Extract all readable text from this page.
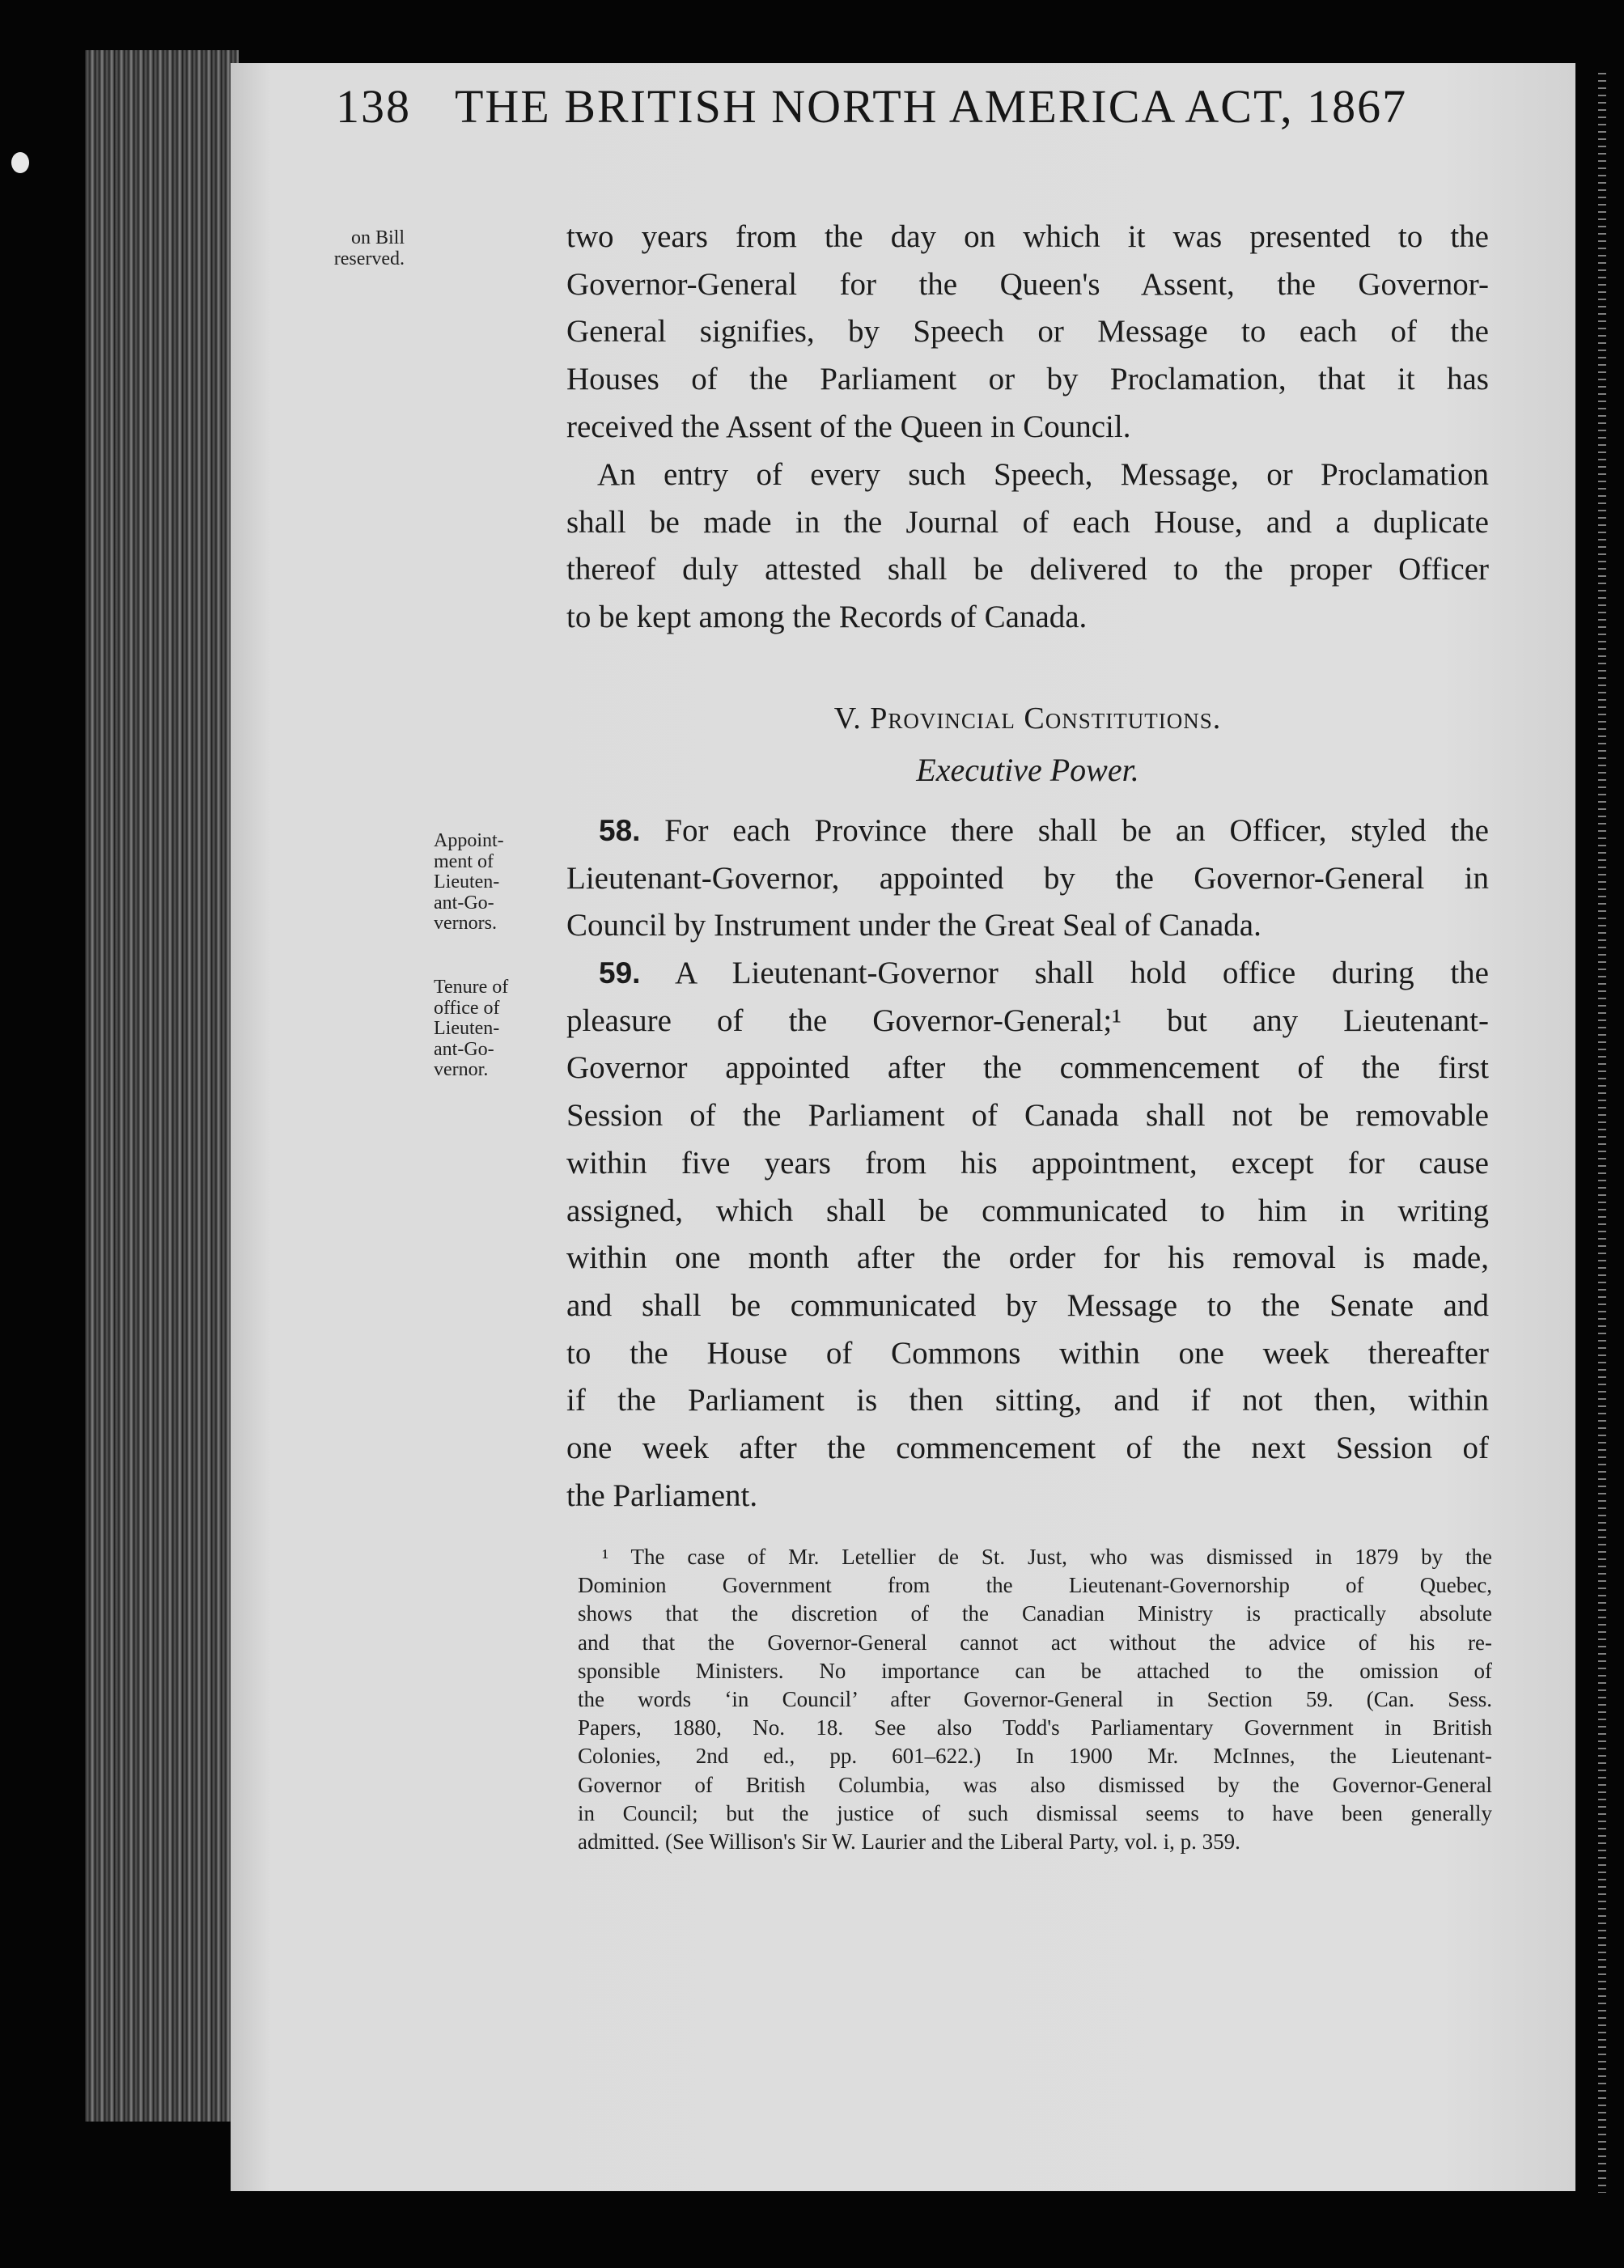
138 THE BRITISH NORTH AMERICA ACT, 1867
on Bill
reserved.
Appoint-
ment of
Lieuten-
ant-Go-
vernors.
Tenure of
office of
Lieuten-
ant-Go-
vernor.
two years from the day on which it was presented to the
Governor-General for the Queen's Assent, the Governor-
General signifies, by Speech or Message to each of the
Houses of the Parliament or by Proclamation, that it has
received the Assent of the Queen in Council.
An entry of every such Speech, Message, or Proclamation
shall be made in the Journal of each House, and a duplicate
thereof duly attested shall be delivered to the proper Officer
to be kept among the Records of Canada.
V. Provincial Constitutions.
Executive Power.
58. For each Province there shall be an Officer, styled the
Lieutenant-Governor, appointed by the Governor-General in
Council by Instrument under the Great Seal of Canada.
59. A Lieutenant-Governor shall hold office during the
pleasure of the Governor-General;¹ but any Lieutenant-
Governor appointed after the commencement of the first
Session of the Parliament of Canada shall not be removable
within five years from his appointment, except for cause
assigned, which shall be communicated to him in writing
within one month after the order for his removal is made,
and shall be communicated by Message to the Senate and
to the House of Commons within one week thereafter
if the Parliament is then sitting, and if not then, within
one week after the commencement of the next Session of
the Parliament.
¹ The case of Mr. Letellier de St. Just, who was dismissed in 1879 by the
Dominion Government from the Lieutenant-Governorship of Quebec,
shows that the discretion of the Canadian Ministry is practically absolute
and that the Governor-General cannot act without the advice of his re-
sponsible Ministers. No importance can be attached to the omission of
the words ‘in Council’ after Governor-General in Section 59. (Can. Sess.
Papers, 1880, No. 18. See also Todd's Parliamentary Government in British
Colonies, 2nd ed., pp. 601–622.) In 1900 Mr. McInnes, the Lieutenant-
Governor of British Columbia, was also dismissed by the Governor-General
in Council; but the justice of such dismissal seems to have been generally
admitted. (See Willison's Sir W. Laurier and the Liberal Party, vol. i, p. 359.
